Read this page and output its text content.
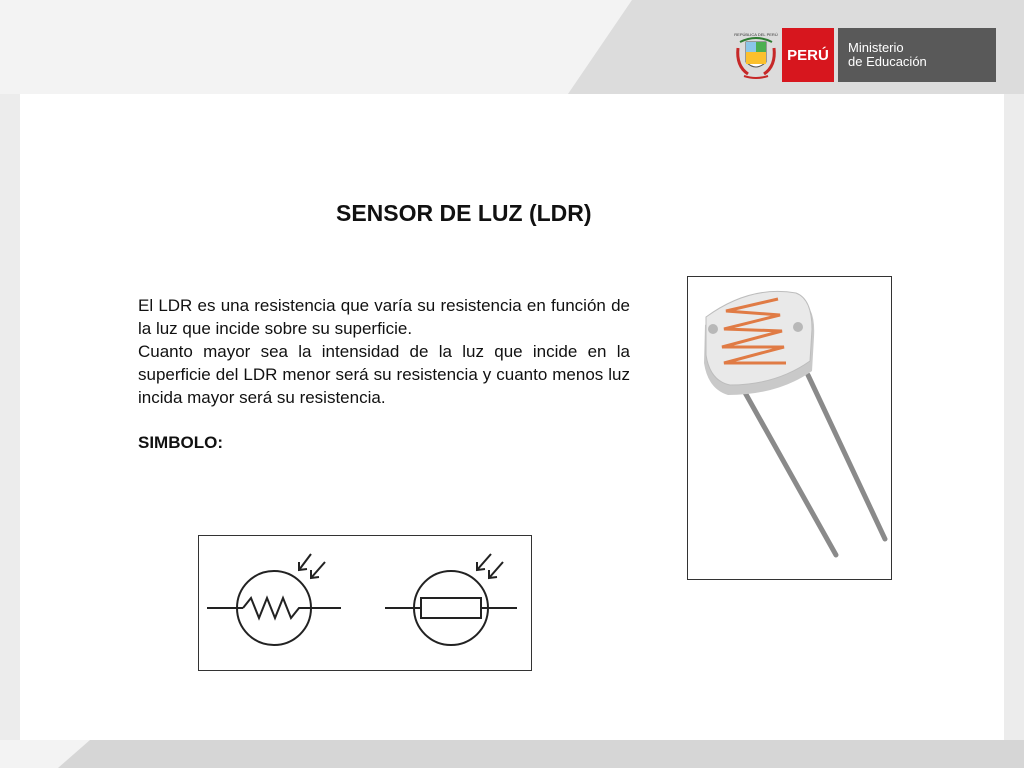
REPÚBLICA DEL PERÚ
PERÚ	Ministerio
de Educación
SENSOR DE LUZ (LDR)

El LDR es una resistencia que varía su resistencia en función de la luz que incide sobre su superficie.

Cuanto mayor sea la intensidad de la luz que incide en la superficie del LDR menor será su resistencia y cuanto menos luz incida mayor será su resistencia.

SIMBOLO:
